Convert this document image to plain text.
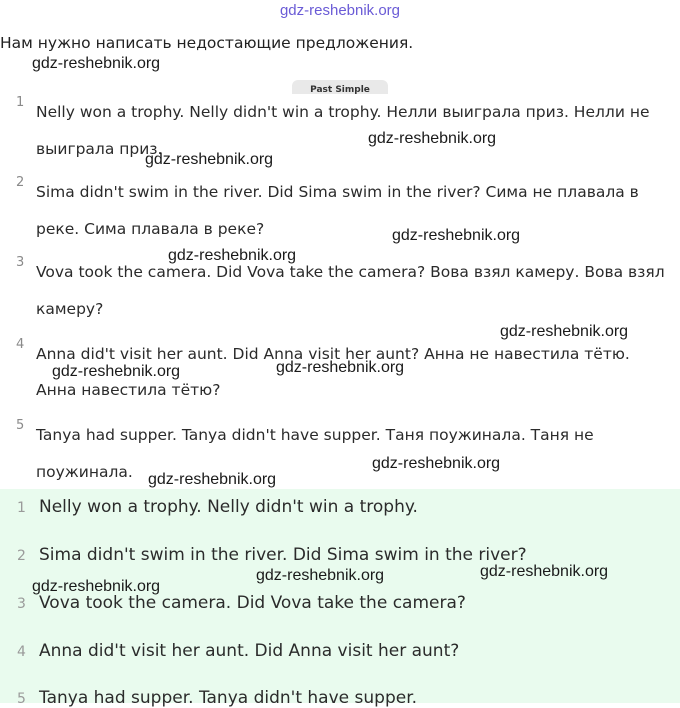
gdz-reshebnik.org
Нам нужно написать недостающие предложения.
Past Simple
1
Nelly won a trophy. Nelly didn't win a trophy. Нелли выиграла приз. Нелли не выиграла приз.
2
Sima didn't swim in the river. Did Sima swim in the river? Сима не плавала в реке. Сима плавала в реке?
3
Vova took the camera. Did Vova take the camera? Вова взял камеру. Вова взял камеру?
4
Anna did't visit her aunt. Did Anna visit her aunt? Анна не навестила тётю. Анна навестила тётю?
5
Tanya had supper. Tanya didn't have supper. Таня поужинала. Таня не поужинала.
1 Nelly won a trophy. Nelly didn't win a trophy.
2 Sima didn't swim in the river. Did Sima swim in the river?
3 Vova took the camera. Did Vova take the camera?
4 Anna did't visit her aunt. Did Anna visit her aunt?
5 Tanya had supper. Tanya didn't have supper.
gdz-reshebnik.org
gdz-reshebnik.org
gdz-reshebnik.org
gdz-reshebnik.org
gdz-reshebnik.org
gdz-reshebnik.org
gdz-reshebnik.org
gdz-reshebnik.org
gdz-reshebnik.org
gdz-reshebnik.org
gdz-reshebnik.org
gdz-reshebnik.org
gdz-reshebnik.org
